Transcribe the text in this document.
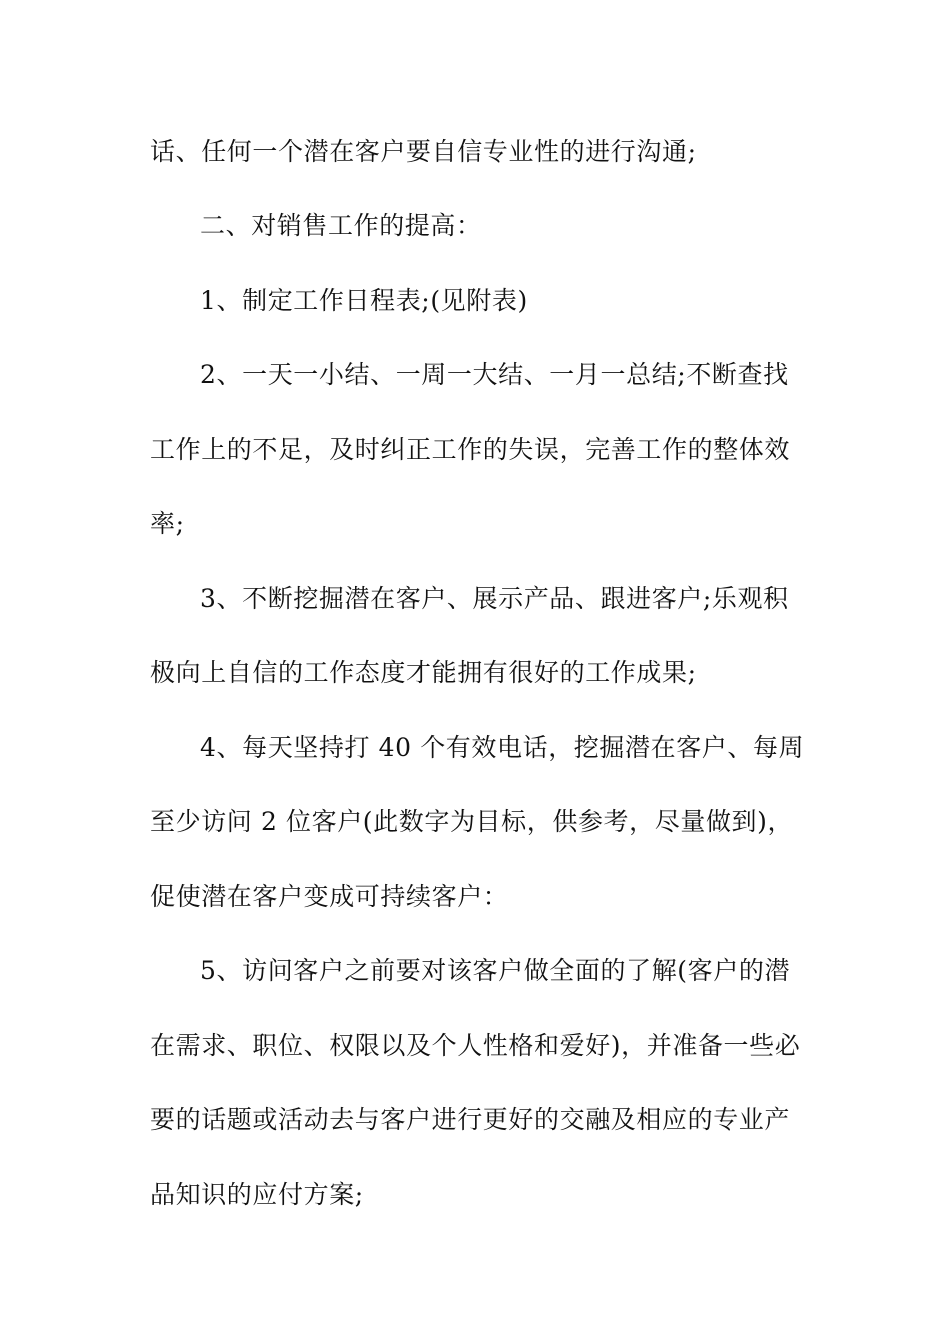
话、任何一个潜在客户要自信专业性的进行沟通;
二、对销售工作的提高：
1、制定工作日程表;(见附表)
2、一天一小结、一周一大结、一月一总结;不断查找
工作上的不足，及时纠正工作的失误，完善工作的整体效
率;
3、不断挖掘潜在客户、展示产品、跟进客户;乐观积
极向上自信的工作态度才能拥有很好的工作成果;
4、每天坚持打 40 个有效电话，挖掘潜在客户、每周
至少访问 2 位客户(此数字为目标，供参考，尽量做到)，
促使潜在客户变成可持续客户：
5、访问客户之前要对该客户做全面的了解(客户的潜
在需求、职位、权限以及个人性格和爱好)，并准备一些必
要的话题或活动去与客户进行更好的交融及相应的专业产
品知识的应付方案;
